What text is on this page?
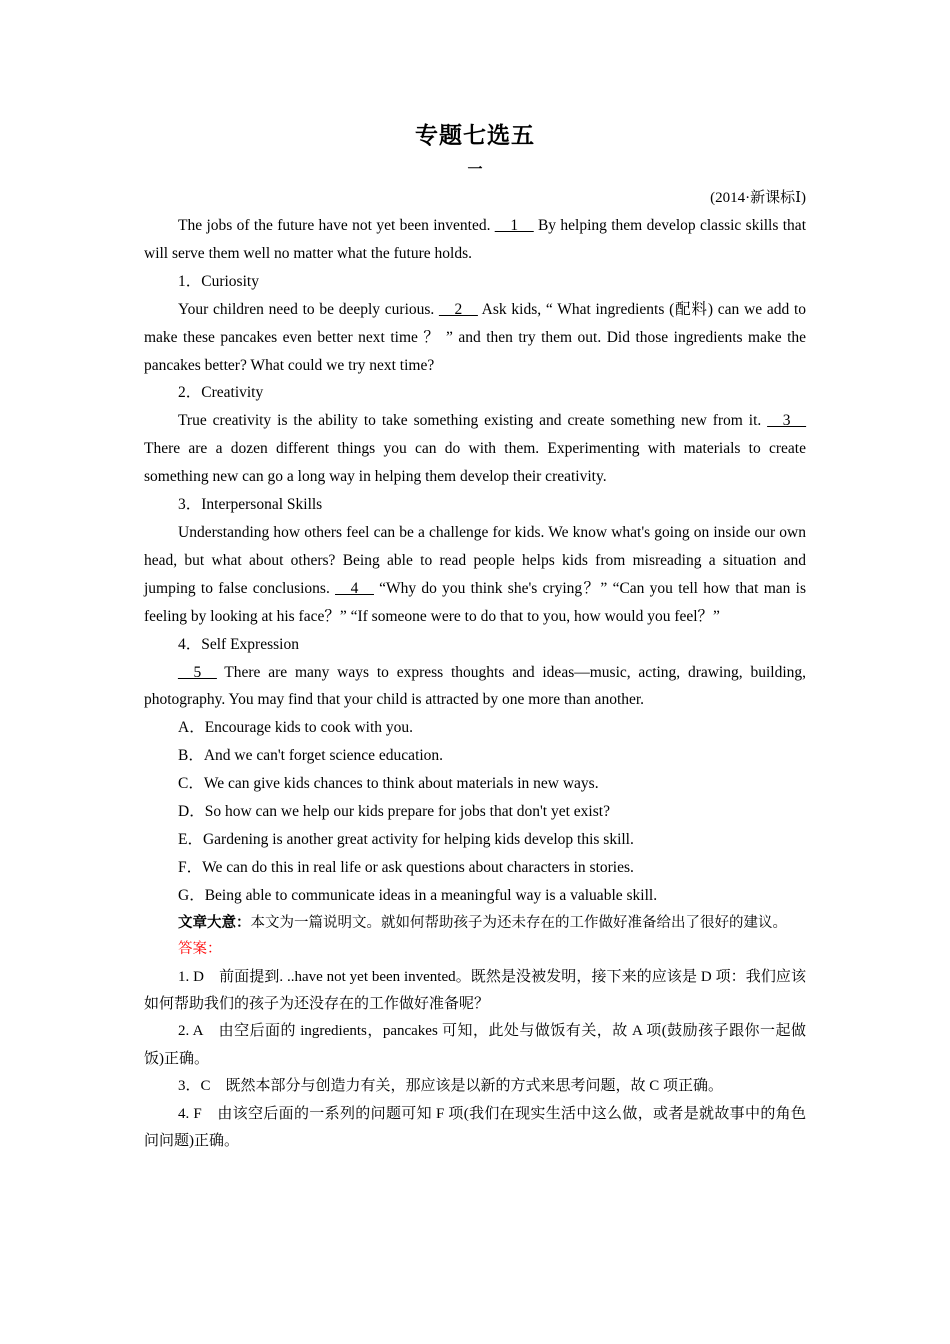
专题七选五
一
(2014·新课标Ⅰ)

The jobs of the future have not yet been invented. __1__ By helping them develop classic skills that will serve them well no matter what the future holds.

1．Curiosity

Your children need to be deeply curious. __2__ Ask kids, “ What ingredients (配料) can we add to make these pancakes even better next time ？ ” and then try them out. Did those ingredients make the pancakes better? What could we try next time?

2．Creativity

True creativity is the ability to take something existing and create something new from it. __3__ There are a dozen different things you can do with them. Experimenting with materials to create something new can go a long way in helping them develop their creativity.

3．Interpersonal Skills

Understanding how others feel can be a challenge for kids. We know what's going on inside our own head, but what about others? Being able to read people helps kids from misreading a situation and jumping to false conclusions. __4__ “Why do you think she's crying？” “Can you tell how that man is feeling by looking at his face？” “If someone were to do that to you, how would you feel？”

4．Self Expression

__5__ There are many ways to express thoughts and ideas—music, acting, drawing, building, photography. You may find that your child is attracted by one more than another.

A．Encourage kids to cook with you.

B．And we can't forget science education.

C．We can give kids chances to think about materials in new ways.

D．So how can we help our kids prepare for jobs that don't yet exist?

E．Gardening is another great activity for helping kids develop this skill.

F．We can do this in real life or ask questions about characters in stories.

G．Being able to communicate ideas in a meaningful way is a valuable skill.

文章大意：本文为一篇说明文。就如何帮助孩子为还未存在的工作做好准备给出了很好的建议。

答案：

1. D　前面提到. ..have not yet been invented。既然是没被发明，接下来的应该是 D 项：我们应该如何帮助我们的孩子为还没存在的工作做好准备呢？

2. A　由空后面的 ingredients，pancakes 可知，此处与做饭有关，故 A 项(鼓励孩子跟你一起做饭)正确。

3．C　既然本部分与创造力有关，那应该是以新的方式来思考问题，故 C 项正确。

4. F　由该空后面的一系列的问题可知 F 项(我们在现实生活中这么做，或者是就故事中的角色问问题)正确。
